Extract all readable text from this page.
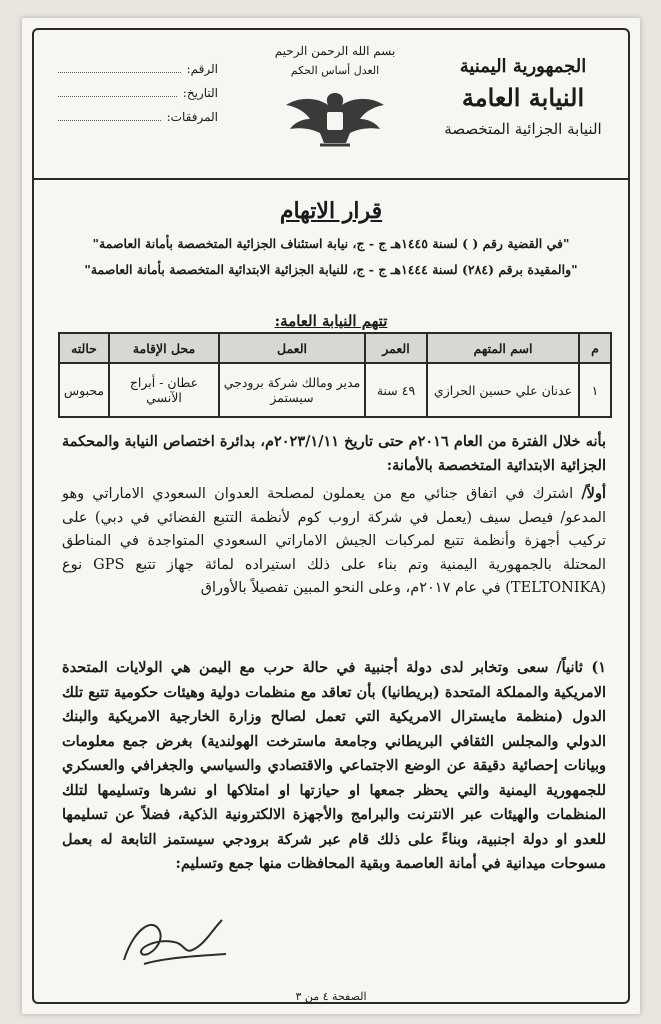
الجمهورية اليمنية
النيابة العامة
النيابة الجزائية المتخصصة
بسم الله الرحمن الرحيم
العدل أساس الحكم
الرقم:
التاريخ:
المرفقات:
قرار الاتهام
"في القضية رقم ( ) لسنة ١٤٤٥هـ ج - ج، نيابة استئناف الجزائية المتخصصة بأمانة العاصمة"
"والمقيدة برقم (٢٨٤) لسنة ١٤٤٤هـ ج - ج، للنيابة الجزائية الابتدائية المتخصصة بأمانة العاصمة"
تتهم النيابة العامة:
م	اسم المتهم	العمر	العمل	محل الإقامة	حالته
١	عدنان علي حسين الحرازي	٤٩ سنة	مدير ومالك شركة برودجي سيستمز	عطان - أبراج الآنسي	محبوس
بأنه خلال الفترة من العام ٢٠١٦م حتى تاريخ ٢٠٢٣/١/١١م، بدائرة اختصاص النيابة والمحكمة الجزائية الابتدائية المتخصصة بالأمانة:
أولاً/ اشترك في اتفاق جنائي مع من يعملون لمصلحة العدوان السعودي الاماراتي وهو المدعو/ فيصل سيف (يعمل في شركة اروب كوم لأنظمة التتبع الفضائي في دبي) على تركيب أجهزة وأنظمة تتبع لمركبات الجيش الاماراتي السعودي المتواجدة في المناطق المحتلة بالجمهورية اليمنية وتم بناء على ذلك استيراده لمائة جهاز تتبع GPS نوع (TELTONIKA) في عام ٢٠١٧م، وعلى النحو المبين تفصيلاً بالأوراق
١) ثانياً/ سعى وتخابر لدى دولة أجنبية في حالة حرب مع اليمن هي الولايات المتحدة الامريكية والمملكة المتحدة (بريطانيا) بأن تعاقد مع منظمات دولية وهيئات حكومية تتبع تلك الدول (منظمة مايسترال الامريكية التي تعمل لصالح وزارة الخارجية الامريكية والبنك الدولي والمجلس الثقافي البريطاني وجامعة ماسترخت الهولندية) بغرض جمع معلومات وبيانات إحصائية دقيقة عن الوضع الاجتماعي والاقتصادي والسياسي والجغرافي والعسكري للجمهورية اليمنية والتي يحظر جمعها او حيازتها او امتلاكها او نشرها وتسليمها لتلك المنظمات والهيئات عبر الانترنت والبرامج والأجهزة الالكترونية الذكية، فضلاً عن تسليمها للعدو او دولة اجنبية، وبناءً على ذلك قام عبر شركة برودجي سيستمز التابعة له بعمل مسوحات ميدانية في أمانة العاصمة وبقية المحافظات منها جمع وتسليم:
الصفحة ٤ من ٣
